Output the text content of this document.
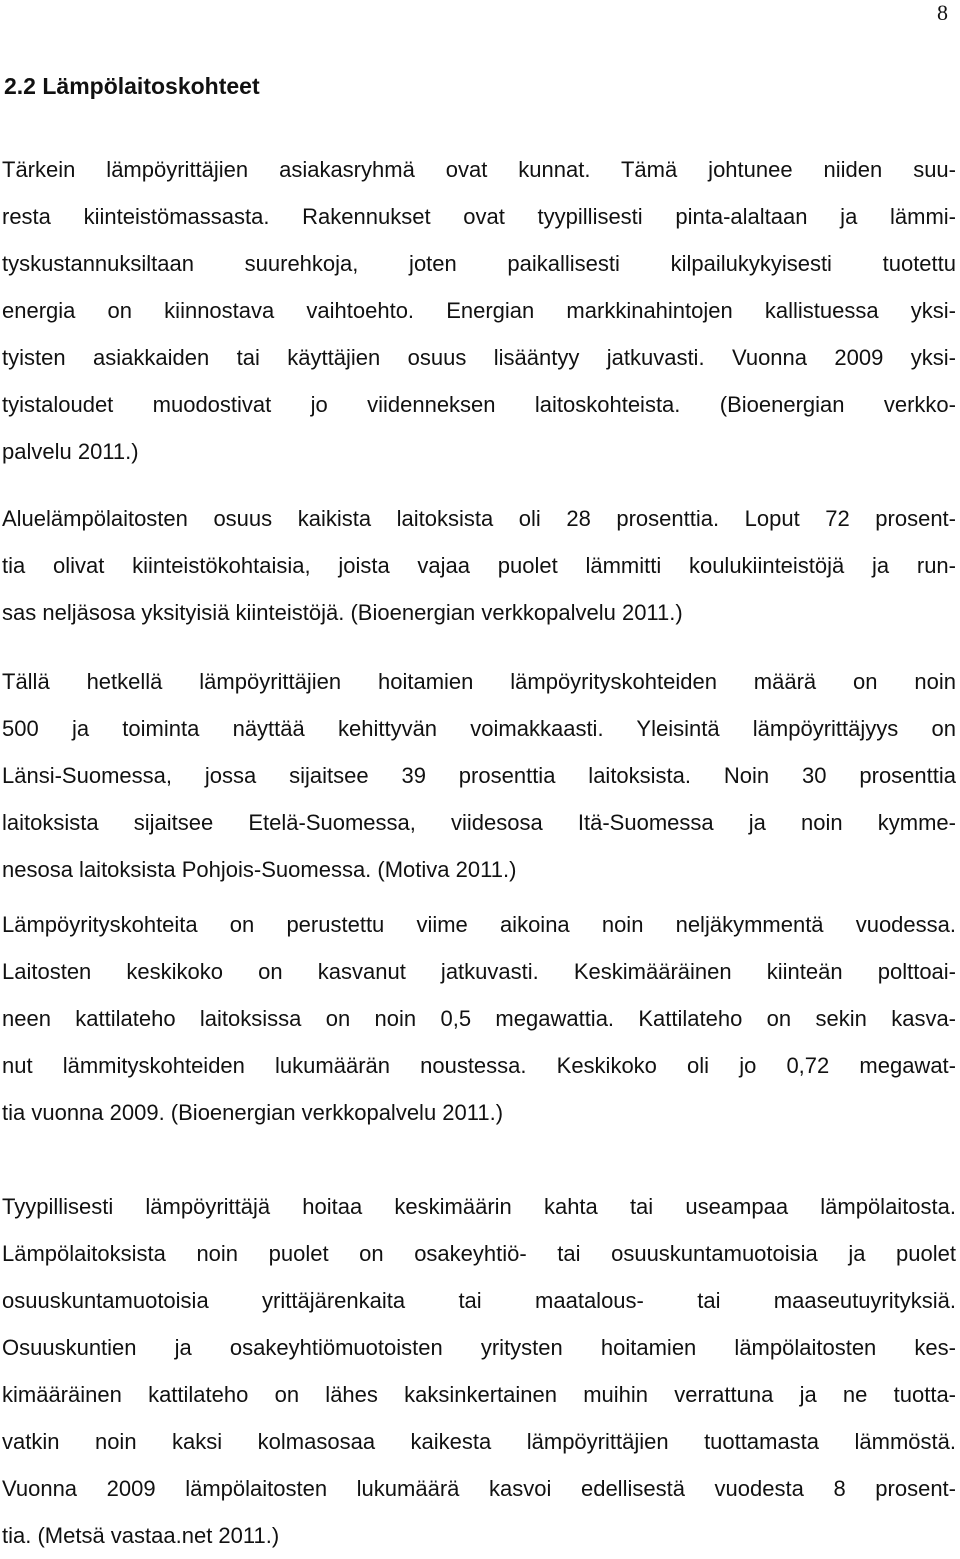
8

2.2 Lämpölaitoskohteet
Tärkein lämpöyrittäjien asiakasryhmä ovat kunnat. Tämä johtunee niiden suu-
resta kiinteistömassasta. Rakennukset ovat tyypillisesti pinta-alaltaan ja lämmi-
tyskustannuksiltaan suurehkoja, joten paikallisesti kilpailukykyisesti tuotettu
energia on kiinnostava vaihtoehto. Energian markkinahintojen kallistuessa yksi-
tyisten asiakkaiden tai käyttäjien osuus lisääntyy jatkuvasti. Vuonna 2009 yksi-
tyistaloudet muodostivat jo viidenneksen laitoskohteista. (Bioenergian verkko-
palvelu 2011.)
Aluelämpölaitosten osuus kaikista laitoksista oli 28 prosenttia. Loput 72 prosent-
tia olivat kiinteistökohtaisia, joista vajaa puolet lämmitti koulukiinteistöjä ja run-
sas neljäsosa yksityisiä kiinteistöjä. (Bioenergian verkkopalvelu 2011.)
Tällä hetkellä lämpöyrittäjien hoitamien lämpöyrityskohteiden määrä on noin
500 ja toiminta näyttää kehittyvän voimakkaasti. Yleisintä lämpöyrittäjyys on
Länsi-Suomessa, jossa sijaitsee 39 prosenttia laitoksista. Noin 30 prosenttia
laitoksista sijaitsee Etelä-Suomessa, viidesosa Itä-Suomessa ja noin kymme-
nesosa laitoksista Pohjois-Suomessa. (Motiva 2011.)
Lämpöyrityskohteita on perustettu viime aikoina noin neljäkymmentä vuodessa.
Laitosten keskikoko on kasvanut jatkuvasti. Keskimääräinen kiinteän polttoai-
neen kattilateho laitoksissa on noin 0,5 megawattia. Kattilateho on sekin kasva-
nut lämmityskohteiden lukumäärän noustessa. Keskikoko oli jo 0,72 megawat-
tia vuonna 2009. (Bioenergian verkkopalvelu 2011.)
Tyypillisesti lämpöyrittäjä hoitaa keskimäärin kahta tai useampaa lämpölaitosta.
Lämpölaitoksista noin puolet on osakeyhtiö- tai osuuskuntamuotoisia ja puolet
osuuskuntamuotoisia yrittäjärenkaita tai maatalous- tai maaseutuyrityksiä.
Osuuskuntien ja osakeyhtiömuotoisten yritysten hoitamien lämpölaitosten kes-
kimääräinen kattilateho on lähes kaksinkertainen muihin verrattuna ja ne tuotta-
vatkin noin kaksi kolmasosaa kaikesta lämpöyrittäjien tuottamasta lämmöstä.
Vuonna 2009 lämpölaitosten lukumäärä kasvoi edellisestä vuodesta 8 prosent-
tia. (Metsä vastaa.net 2011.)
